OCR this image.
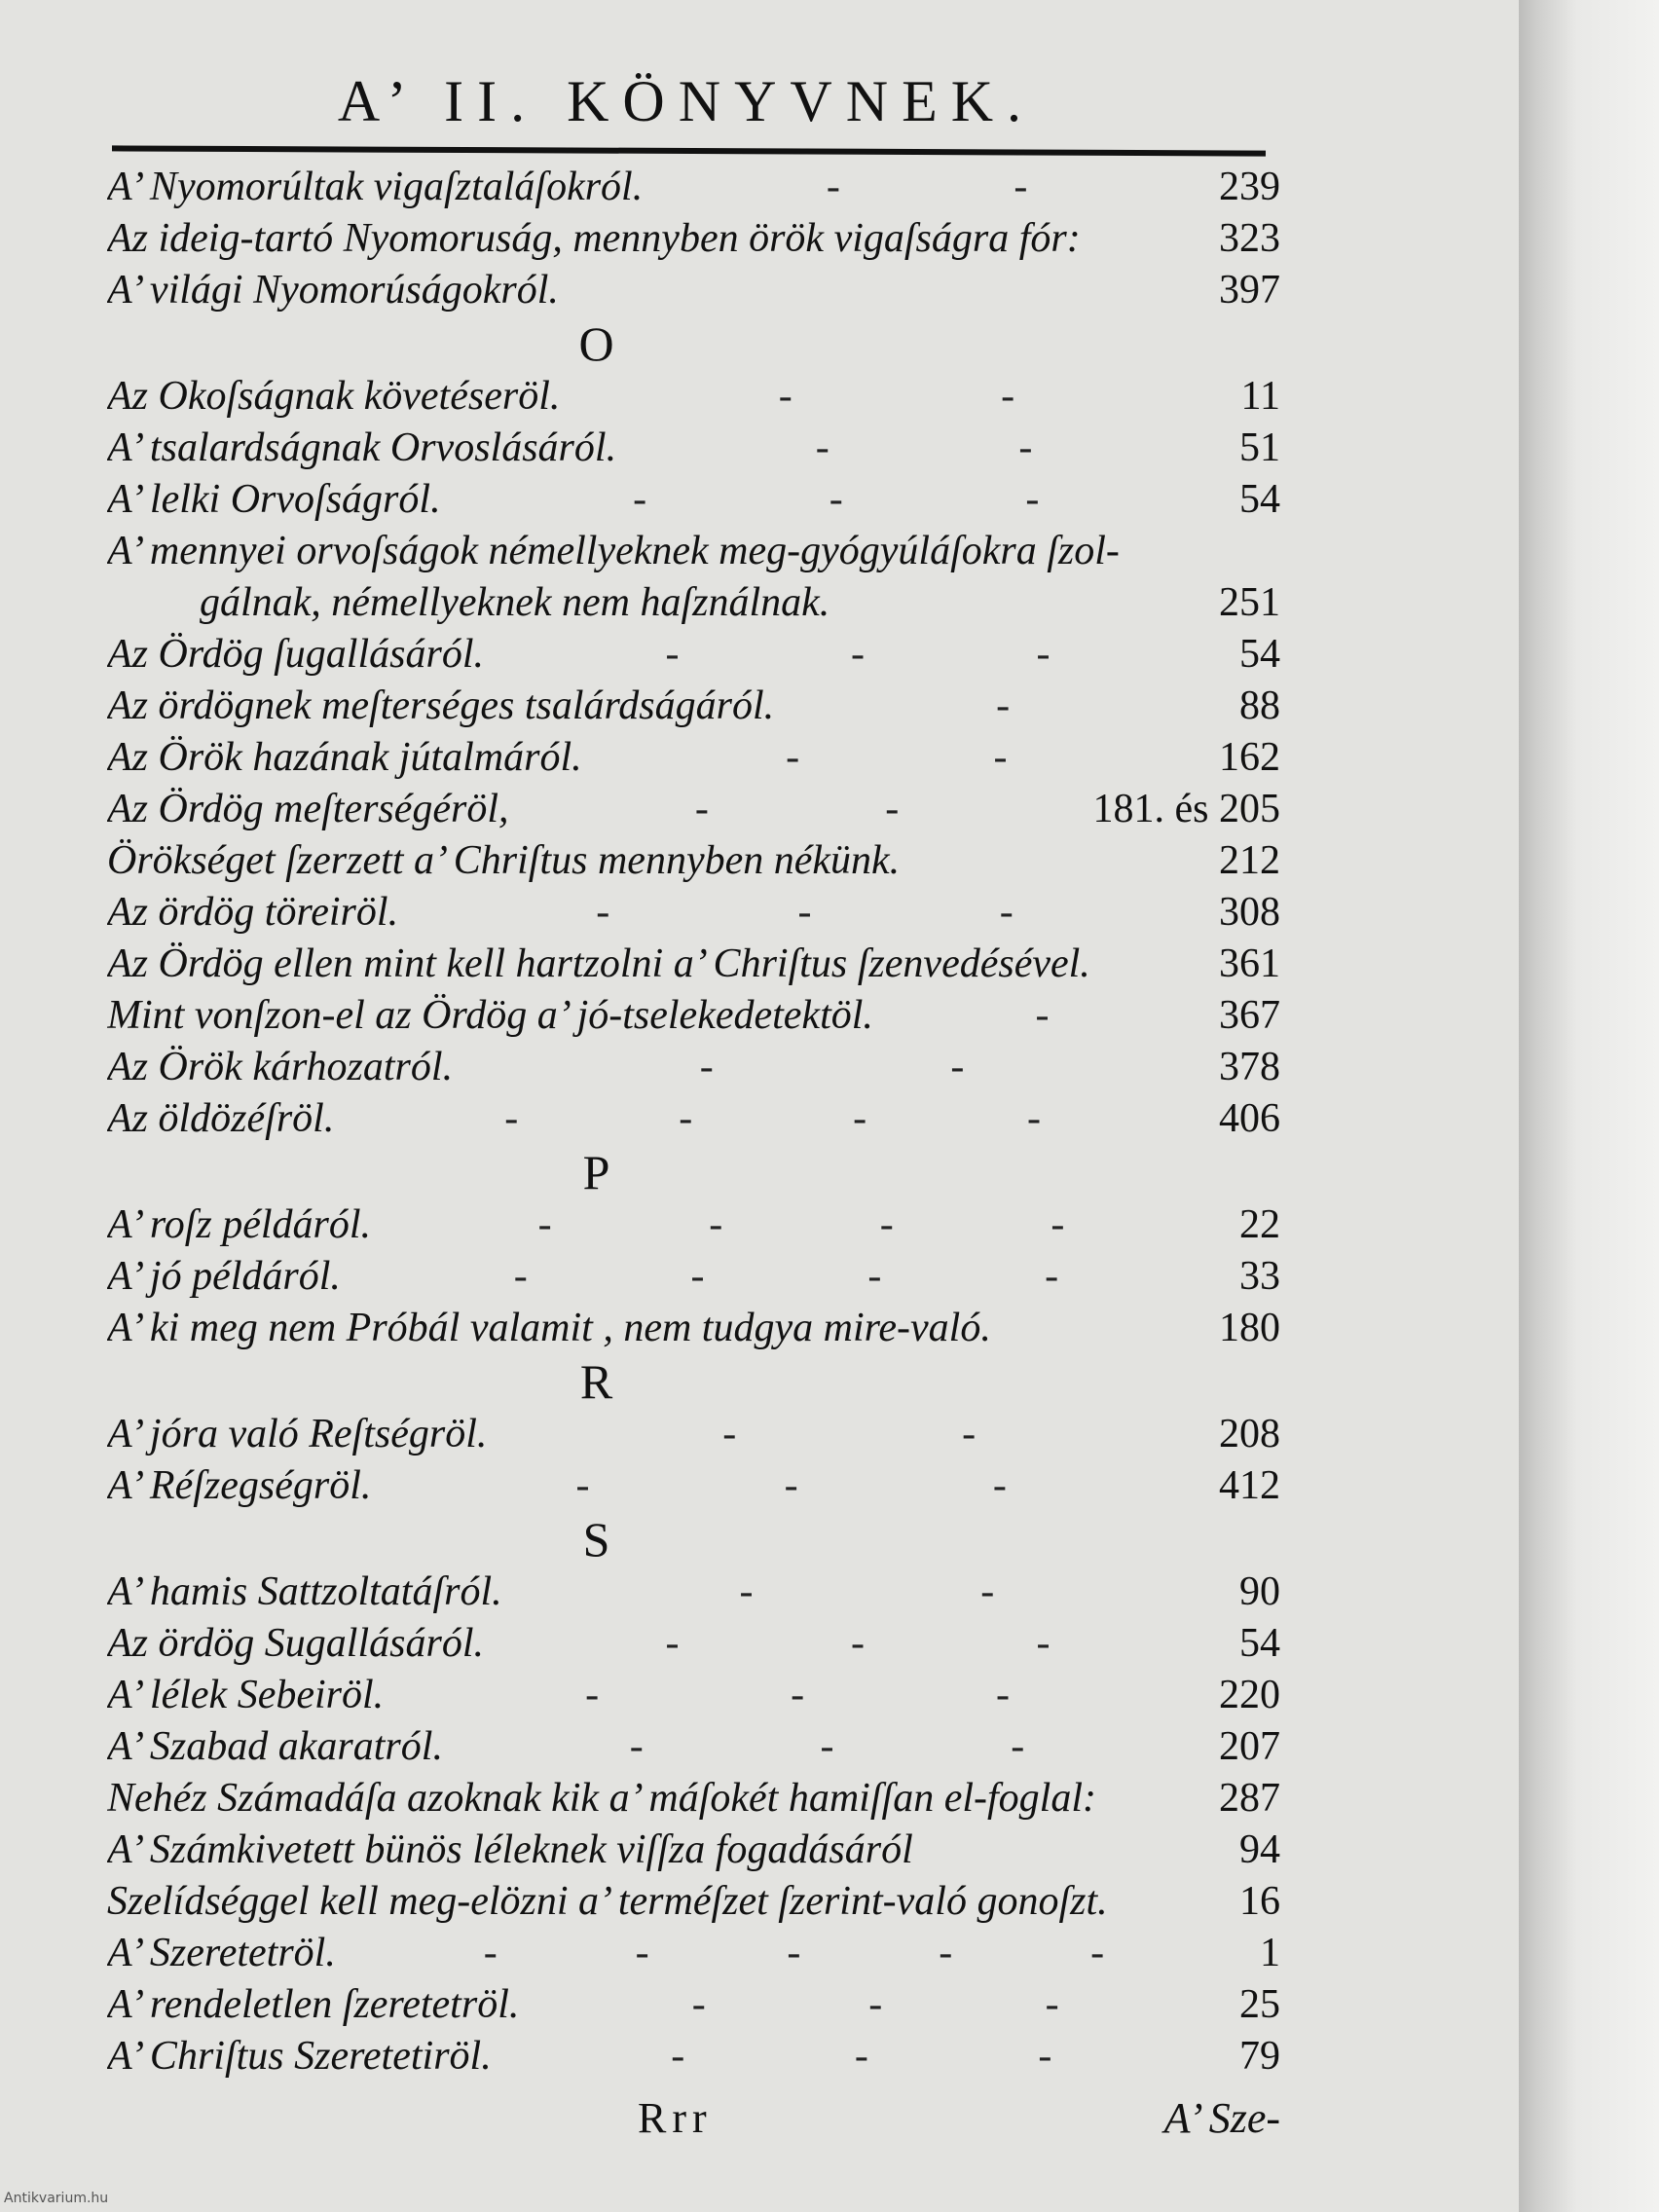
A’ II. KÖNYVNEK.
A’ Nyomorúltak vigaſztaláſokról.	-	-	239
Az ideig-tartó Nyomoruság, mennyben örök vigaſságra fór:	323
A’ világi Nyomorúságokról.	397
O
Az Okoſságnak követéseröl.	-	-	11
A’ tsalardságnak Orvoslásáról.	-	-	51
A’ lelki Orvoſságról.	-	-	-	54
A’ mennyei orvoſságok némellyeknek meg-gyógyúláſokra ſzol-
gálnak, némellyeknek nem haſználnak.	251
Az Ördög ſugallásáról.	-	-	-	54
Az ördögnek meſterséges tsalárdságáról.	-	88
Az Örök hazának jútalmáról.	-	-	162
Az Ördög meſterségéröl,	-	-	181. és 205
Örökséget ſzerzett a’ Chriſtus mennyben nékünk.	212
Az ördög töreiröl.	-	-	-	308
Az Ördög ellen mint kell hartzolni a’ Chriſtus ſzenvedésével.	361
Mint vonſzon-el az Ördög a’ jó-tselekedetektöl.	-	367
Az Örök kárhozatról.	-	-	378
Az öldözéſröl.	-	-	-	-	406
P
A’ roſz példáról.	-	-	-	-	22
A’ jó példáról.	-	-	-	-	33
A’ ki meg nem Próbál valamit , nem tudgya mire-való.	180
R
A’ jóra való Reſtségröl.	-	-	208
A’ Réſzegségröl.	-	-	-	412
S
A’ hamis Sattzoltatáſról.	-	-	90
Az ördög Sugallásáról.	-	-	-	54
A’ lélek Sebeiröl.	-	-	-	220
A’ Szabad akaratról.	-	-	-	207
Nehéz Számadáſa azoknak kik a’ máſokét hamiſſan el-foglal:	287
A’ Számkivetett bünös léleknek viſſza fogadásáról	94
Szelídséggel kell meg-elözni a’ terméſzet ſzerint-való gonoſzt.	16
A’ Szeretetröl.	-	-	-	-	-	1
A’ rendeletlen ſzeretetröl.	-	-	-	25
A’ Chriſtus Szeretetiröl.	-	-	-	79
Rrr	A’ Sze-
Antikvarium.hu
